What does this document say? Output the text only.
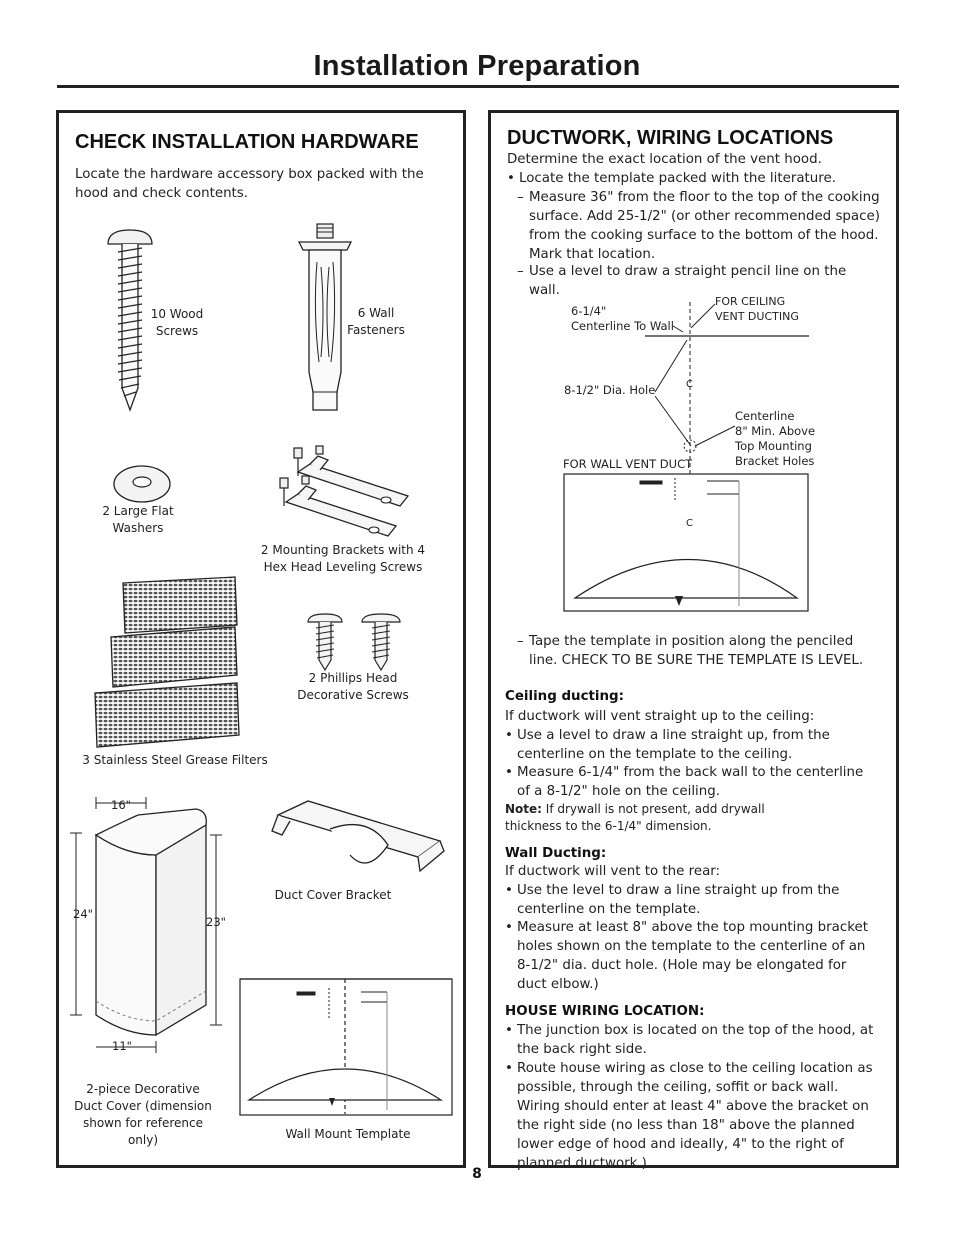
Installation Preparation
CHECK INSTALLATION HARDWARE

Locate the hardware accessory box packed with the hood and check contents.

10 Wood Screws
6 Wall Fasteners
2 Large Flat Washers
2 Mounting Brackets with 4 Hex Head Leveling Screws
3 Stainless Steel Grease Filters
2 Phillips Head Decorative Screws
16"
24"
23"
11"
2-piece Decorative Duct Cover (dimension shown for reference only)
Duct Cover Bracket
Wall Mount Template
DUCTWORK, WIRING LOCATIONS

Determine the exact location of the vent hood.

• Locate the template packed with the literature.

– Measure 36" from the floor to the top of the cooking surface. Add 25-1/2" (or other recommended space) from the cooking surface to the bottom of the hood. Mark that location.

– Use a level to draw a straight pencil line on the wall.

6-1/4"
Centerline To Wall
FOR CEILING
VENT DUCTING
8-1/2" Dia. Hole	C
Centerline
8" Min. Above
Top Mounting
Bracket Holes
FOR WALL VENT DUCT
C

– Tape the template in position along the penciled line. CHECK TO BE SURE THE TEMPLATE IS LEVEL.

Ceiling ducting:

If ductwork will vent straight up to the ceiling:

• Use a level to draw a line straight up, from the centerline on the template to the ceiling.

• Measure 6-1/4" from the back wall to the centerline of a 8-1/2" hole on the ceiling.

Note: If drywall is not present, add drywall thickness to the 6-1/4" dimension.

Wall Ducting:

If ductwork will vent to the rear:

• Use the level to draw a line straight up from the centerline on the template.

• Measure at least 8" above the top mounting bracket holes shown on the template to the centerline of an 8-1/2" dia. duct hole. (Hole may be elongated for duct elbow.)

HOUSE WIRING LOCATION:

• The junction box is located on the top of the hood, at the back right side.

• Route house wiring as close to the ceiling location as possible, through the ceiling, soffit or back wall. Wiring should enter at least 4" above the bracket on the right side (no less than 18" above the planned lower edge of hood and ideally, 4" to the right of planned ductwork.)

8
